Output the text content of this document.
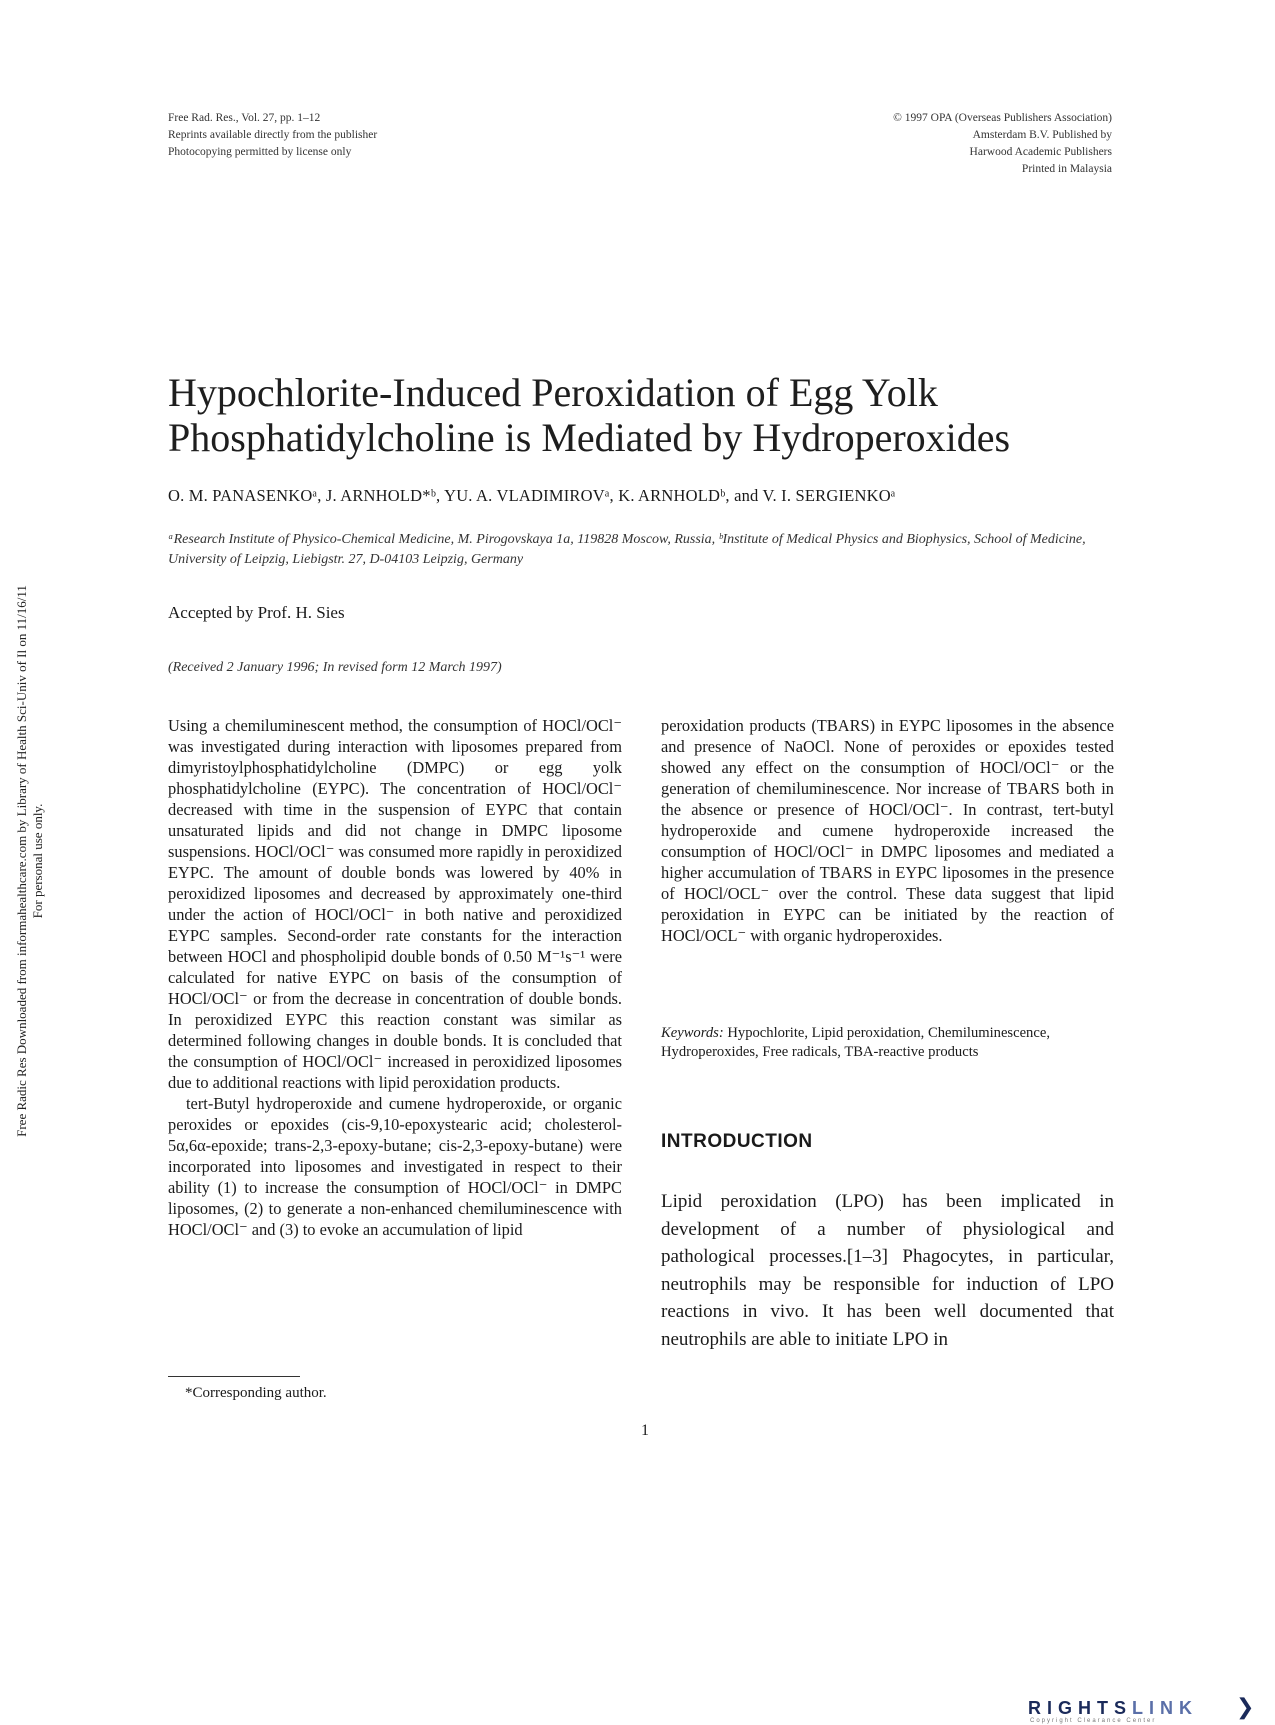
Free Rad. Res., Vol. 27, pp. 1–12
Reprints available directly from the publisher
Photocopying permitted by license only
© 1997 OPA (Overseas Publishers Association)
Amsterdam B.V. Published by
Harwood Academic Publishers
Printed in Malaysia
Free Radic Res Downloaded from informahealthcare.com by Library of Health Sci-Univ of Il on 11/16/11 For personal use only.
Hypochlorite-Induced Peroxidation of Egg Yolk Phosphatidylcholine is Mediated by Hydroperoxides
O. M. PANASENKOᵃ, J. ARNHOLD*ᵇ, YU. A. VLADIMIROVᵃ, K. ARNHOLDᵇ, and V. I. SERGIENKOᵃ
ᵃResearch Institute of Physico-Chemical Medicine, M. Pirogovskaya 1a, 119828 Moscow, Russia, ᵇInstitute of Medical Physics and Biophysics, School of Medicine, University of Leipzig, Liebigstr. 27, D-04103 Leipzig, Germany
Accepted by Prof. H. Sies
(Received 2 January 1996; In revised form 12 March 1997)

Using a chemiluminescent method, the consumption of HOCl/OCl⁻ was investigated during interaction with liposomes prepared from dimyristoylphosphatidylcholine (DMPC) or egg yolk phosphatidylcholine (EYPC). The concentration of HOCl/OCl⁻ decreased with time in the suspension of EYPC that contain unsaturated lipids and did not change in DMPC liposome suspensions. HOCl/OCl⁻ was consumed more rapidly in peroxidized EYPC. The amount of double bonds was lowered by 40% in peroxidized liposomes and decreased by approximately one-third under the action of HOCl/OCl⁻ in both native and peroxidized EYPC samples. Second-order rate constants for the interaction between HOCl and phospholipid double bonds of 0.50 M⁻¹s⁻¹ were calculated for native EYPC on basis of the consumption of HOCl/OCl⁻ or from the decrease in concentration of double bonds. In peroxidized EYPC this reaction constant was similar as determined following changes in double bonds. It is concluded that the consumption of HOCl/OCl⁻ increased in peroxidized liposomes due to additional reactions with lipid peroxidation products.

tert-Butyl hydroperoxide and cumene hydroperoxide, or organic peroxides or epoxides (cis-9,10-epoxystearic acid; cholesterol-5α,6α-epoxide; trans-2,3-epoxy-butane; cis-2,3-epoxy-butane) were incorporated into liposomes and investigated in respect to their ability (1) to increase the consumption of HOCl/OCl⁻ in DMPC liposomes, (2) to generate a non-enhanced chemiluminescence with HOCl/OCl⁻ and (3) to evoke an accumulation of lipid

peroxidation products (TBARS) in EYPC liposomes in the absence and presence of NaOCl. None of peroxides or epoxides tested showed any effect on the consumption of HOCl/OCl⁻ or the generation of chemiluminescence. Nor increase of TBARS both in the absence or presence of HOCl/OCl⁻. In contrast, tert-butyl hydroperoxide and cumene hydroperoxide increased the consumption of HOCl/OCl⁻ in DMPC liposomes and mediated a higher accumulation of TBARS in EYPC liposomes in the presence of HOCl/OCL⁻ over the control. These data suggest that lipid peroxidation in EYPC can be initiated by the reaction of HOCl/OCL⁻ with organic hydroperoxides.

Keywords: Hypochlorite, Lipid peroxidation, Chemiluminescence, Hydroperoxides, Free radicals, TBA-reactive products
INTRODUCTION
Lipid peroxidation (LPO) has been implicated in development of a number of physiological and pathological processes.[1–3] Phagocytes, in particular, neutrophils may be responsible for induction of LPO reactions in vivo. It has been well documented that neutrophils are able to initiate LPO in
*Corresponding author.
1
RIGHTSLINK ❯
Copyright Clearance Center
